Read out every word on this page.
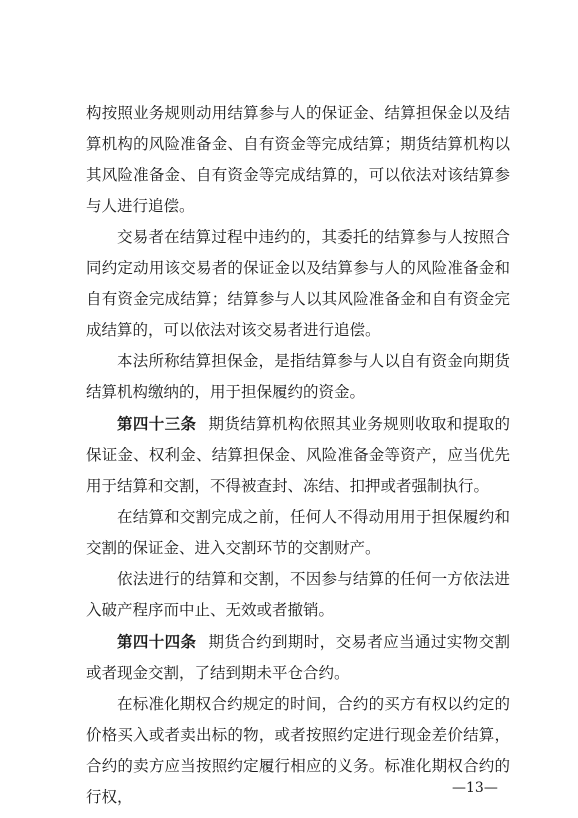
构按照业务规则动用结算参与人的保证金、结算担保金以及结算机构的风险准备金、自有资金等完成结算；期货结算机构以其风险准备金、自有资金等完成结算的，可以依法对该结算参与人进行追偿。

交易者在结算过程中违约的，其委托的结算参与人按照合同约定动用该交易者的保证金以及结算参与人的风险准备金和自有资金完成结算；结算参与人以其风险准备金和自有资金完成结算的，可以依法对该交易者进行追偿。

本法所称结算担保金，是指结算参与人以自有资金向期货结算机构缴纳的，用于担保履约的资金。

第四十三条 期货结算机构依照其业务规则收取和提取的保证金、权利金、结算担保金、风险准备金等资产，应当优先用于结算和交割，不得被查封、冻结、扣押或者强制执行。

在结算和交割完成之前，任何人不得动用用于担保履约和交割的保证金、进入交割环节的交割财产。

依法进行的结算和交割，不因参与结算的任何一方依法进入破产程序而中止、无效或者撤销。

第四十四条 期货合约到期时，交易者应当通过实物交割或者现金交割，了结到期未平仓合约。

在标准化期权合约规定的时间，合约的买方有权以约定的价格买入或者卖出标的物，或者按照约定进行现金差价结算，合约的卖方应当按照约定履行相应的义务。标准化期权合约的行权，	—13—
